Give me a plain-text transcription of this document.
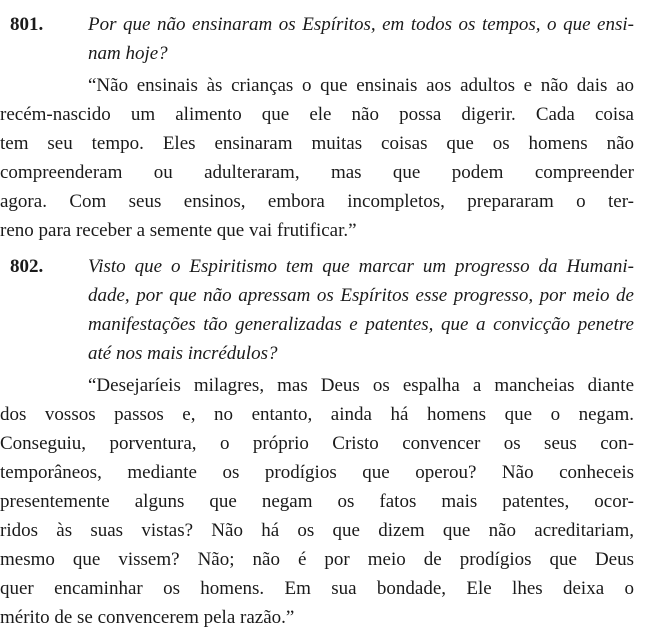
801. Por que não ensinaram os Espíritos, em todos os tempos, o que ensi-
nam hoje?
“Não ensinais às crianças o que ensinais aos adultos e não dais ao
recém-nascido um alimento que ele não possa digerir. Cada coisa
tem seu tempo. Eles ensinaram muitas coisas que os homens não
compreenderam ou adulteraram, mas que podem compreender
agora. Com seus ensinos, embora incompletos, prepararam o ter-
reno para receber a semente que vai frutificar.”
802. Visto que o Espiritismo tem que marcar um progresso da Humani-
dade, por que não apressam os Espíritos esse progresso, por meio de
manifestações tão generalizadas e patentes, que a convicção penetre
até nos mais incrédulos?
“Desejaríeis milagres, mas Deus os espalha a mancheias diante
dos vossos passos e, no entanto, ainda há homens que o negam.
Conseguiu, porventura, o próprio Cristo convencer os seus con-
temporâneos, mediante os prodígios que operou? Não conheceis
presentemente alguns que negam os fatos mais patentes, ocor-
ridos às suas vistas? Não há os que dizem que não acreditariam,
mesmo que vissem? Não; não é por meio de prodígios que Deus
quer encaminhar os homens. Em sua bondade, Ele lhes deixa o
mérito de se convencerem pela razão.”
